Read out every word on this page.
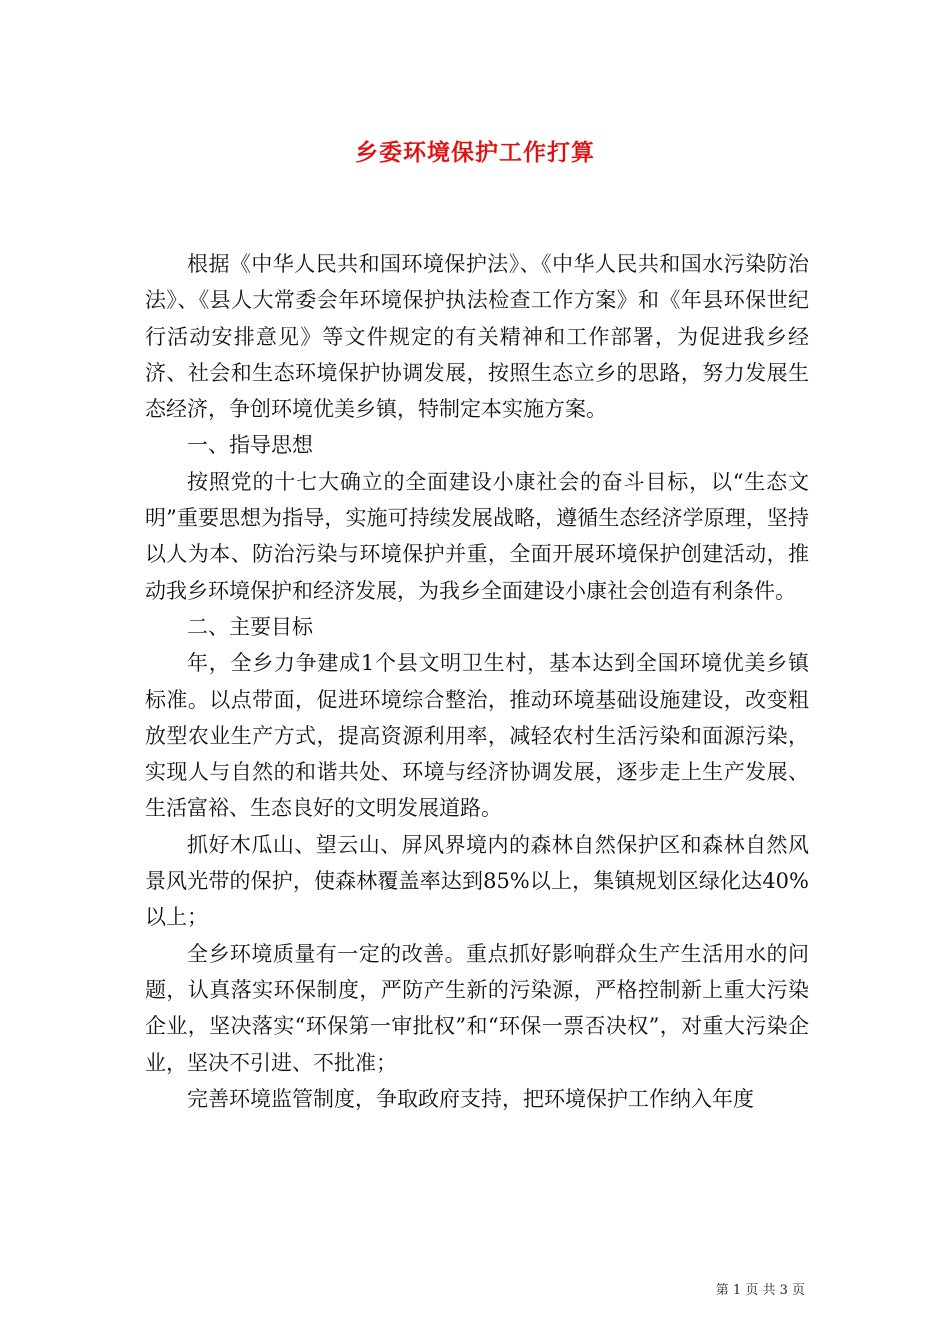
乡委环境保护工作打算

根据《中华人民共和国环境保护法》、《中华人民共和国水污染防治法》、《县人大常委会年环境保护执法检查工作方案》和《年县环保世纪行活动安排意见》等文件规定的有关精神和工作部署，为促进我乡经济、社会和生态环境保护协调发展，按照生态立乡的思路，努力发展生态经济，争创环境优美乡镇，特制定本实施方案。

一、指导思想

按照党的十七大确立的全面建设小康社会的奋斗目标，以“生态文明”重要思想为指导，实施可持续发展战略，遵循生态经济学原理，坚持以人为本、防治污染与环境保护并重，全面开展环境保护创建活动，推动我乡环境保护和经济发展，为我乡全面建设小康社会创造有利条件。

二、主要目标

年，全乡力争建成1个县文明卫生村，基本达到全国环境优美乡镇标准。以点带面，促进环境综合整治，推动环境基础设施建设，改变粗放型农业生产方式，提高资源利用率，减轻农村生活污染和面源污染，实现人与自然的和谐共处、环境与经济协调发展，逐步走上生产发展、生活富裕、生态良好的文明发展道路。

抓好木瓜山、望云山、屏风界境内的森林自然保护区和森林自然风景风光带的保护，使森林覆盖率达到85%以上，集镇规划区绿化达40%以上；

全乡环境质量有一定的改善。重点抓好影响群众生产生活用水的问题，认真落实环保制度，严防产生新的污染源，严格控制新上重大污染企业，坚决落实“环保第一审批权”和“环保一票否决权”，对重大污染企业，坚决不引进、不批准；

完善环境监管制度，争取政府支持，把环境保护工作纳入年度

第 1 页 共 3 页
